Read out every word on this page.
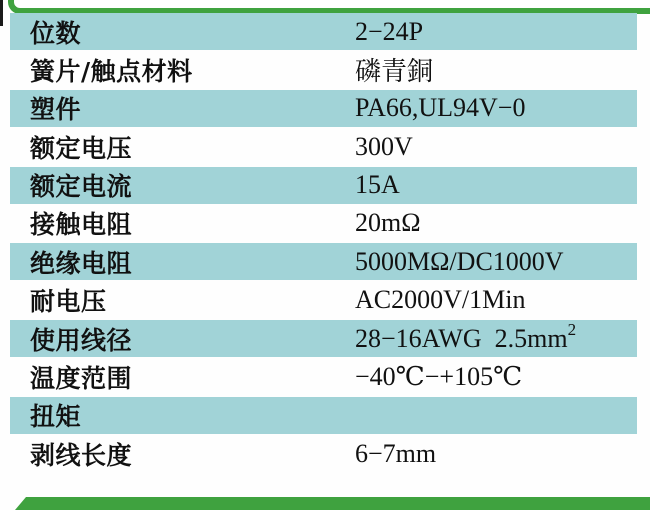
位数	2−24P
簧片/触点材料	磷青銅
塑件	PA66,UL94V−0
额定电压	300V
额定电流	15A
接触电阻	20mΩ
绝缘电阻	5000MΩ/DC1000V
耐电压	AC2000V/1Min
使用线径	28−16AWG  $2.5mm^2$
温度范围	−40℃−+105℃
扭矩
剥线长度	6−7mm
